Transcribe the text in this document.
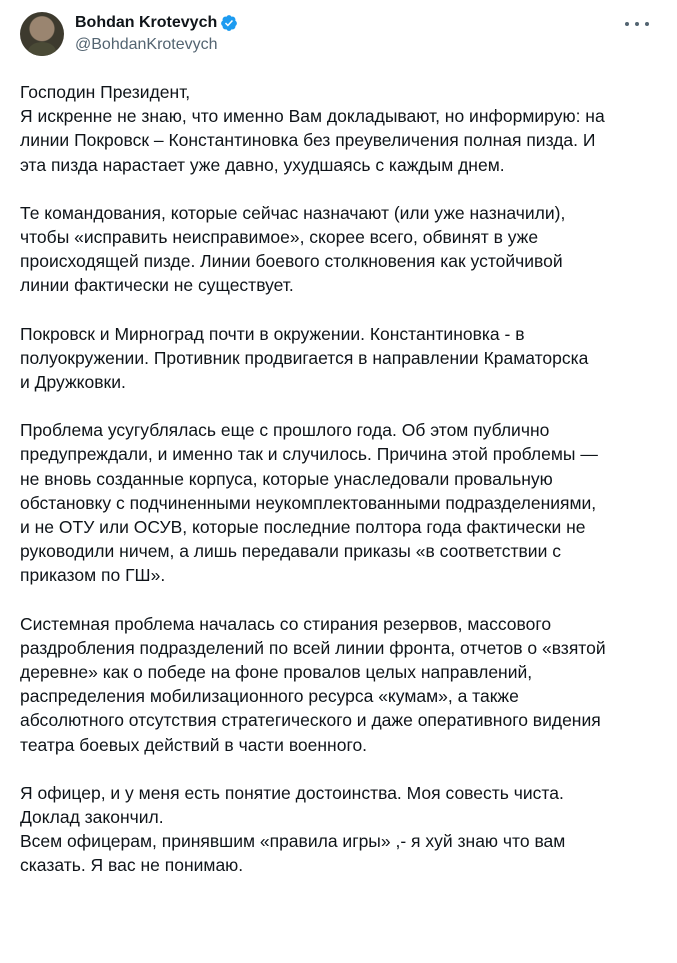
Bohdan Krotevych
@BohdanKrotevych

Господин Президент,
Я искренне не знаю, что именно Вам докладывают, но информирую: на
линии Покровск – Константиновка без преувеличения полная пизда. И
эта пизда нарастает уже давно, ухудшаясь с каждым днем.

Те командования, которые сейчас назначают (или уже назначили),
чтобы «исправить неисправимое», скорее всего, обвинят в уже
происходящей пизде. Линии боевого столкновения как устойчивой
линии фактически не существует.

Покровск и Мирноград почти в окружении. Константиновка - в
полуокружении. Противник продвигается в направлении Краматорска
и Дружковки.

Проблема усугублялась еще с прошлого года. Об этом публично
предупреждали, и именно так и случилось. Причина этой проблемы —
не вновь созданные корпуса, которые унаследовали провальную
обстановку с подчиненными неукомплектованными подразделениями,
и не ОТУ или ОСУВ, которые последние полтора года фактически не
руководили ничем, а лишь передавали приказы «в соответствии с
приказом по ГШ».

Системная проблема началась со стирания резервов, массового
раздробления подразделений по всей линии фронта, отчетов о «взятой
деревне» как о победе на фоне провалов целых направлений,
распределения мобилизационного ресурса «кумам», а также
абсолютного отсутствия стратегического и даже оперативного видения
театра боевых действий в части военного.

Я офицер, и у меня есть понятие достоинства. Моя совесть чиста.
Доклад закончил.
Всем офицерам, принявшим «правила игры» ,- я хуй знаю что вам
сказать. Я вас не понимаю.
